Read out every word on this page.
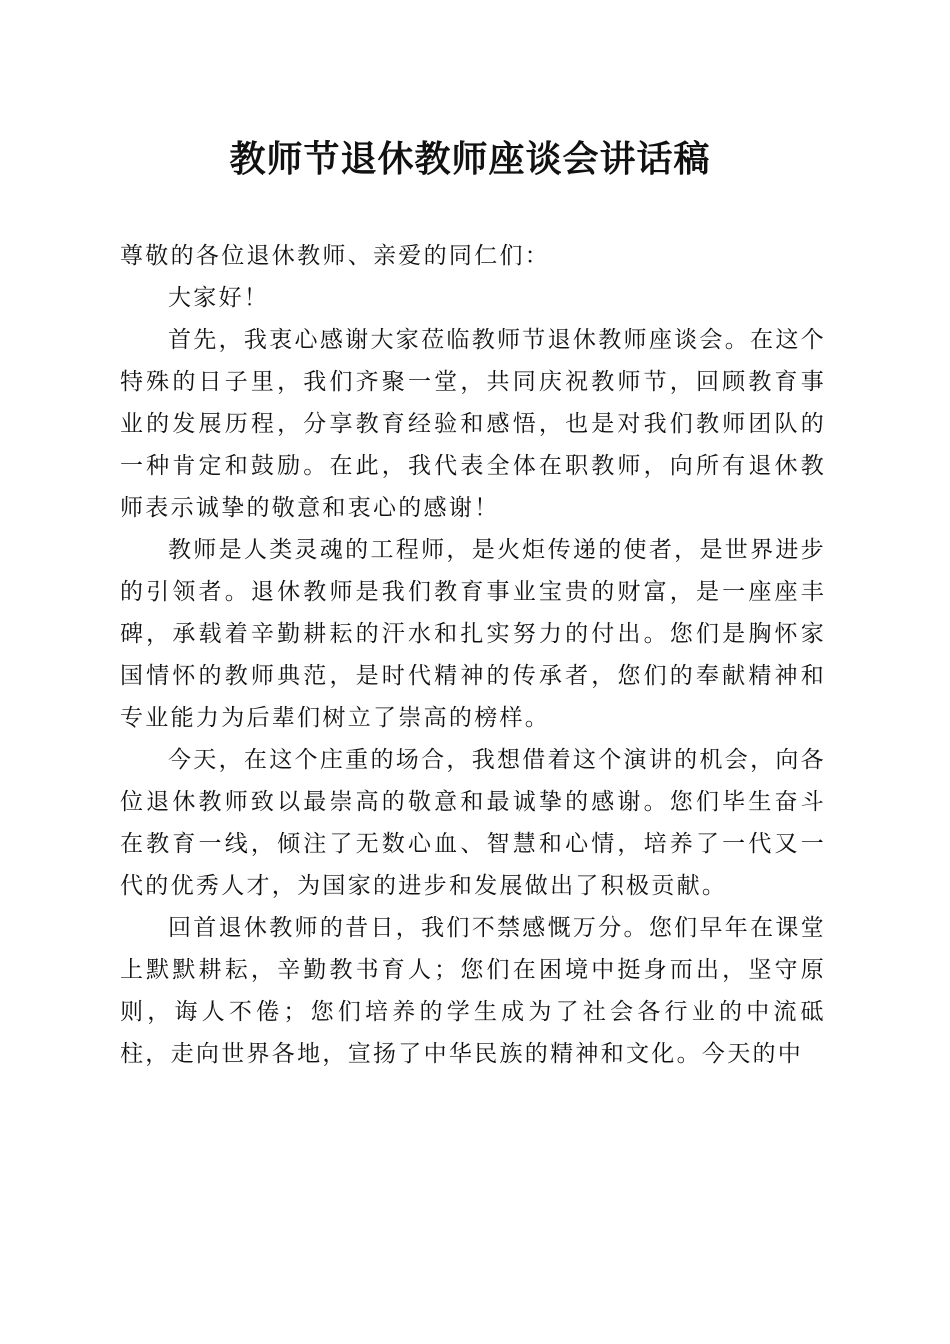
教师节退休教师座谈会讲话稿

尊敬的各位退休教师、亲爱的同仁们：

大家好！

首先，我衷心感谢大家莅临教师节退休教师座谈会。在这个特殊的日子里，我们齐聚一堂，共同庆祝教师节，回顾教育事业的发展历程，分享教育经验和感悟，也是对我们教师团队的一种肯定和鼓励。在此，我代表全体在职教师，向所有退休教师表示诚挚的敬意和衷心的感谢！

教师是人类灵魂的工程师，是火炬传递的使者，是世界进步的引领者。退休教师是我们教育事业宝贵的财富，是一座座丰碑，承载着辛勤耕耘的汗水和扎实努力的付出。您们是胸怀家国情怀的教师典范，是时代精神的传承者，您们的奉献精神和专业能力为后辈们树立了崇高的榜样。

今天，在这个庄重的场合，我想借着这个演讲的机会，向各位退休教师致以最崇高的敬意和最诚挚的感谢。您们毕生奋斗在教育一线，倾注了无数心血、智慧和心情，培养了一代又一代的优秀人才，为国家的进步和发展做出了积极贡献。

回首退休教师的昔日，我们不禁感慨万分。您们早年在课堂上默默耕耘，辛勤教书育人；您们在困境中挺身而出，坚守原则，诲人不倦；您们培养的学生成为了社会各行业的中流砥柱，走向世界各地，宣扬了中华民族的精神和文化。今天的中
